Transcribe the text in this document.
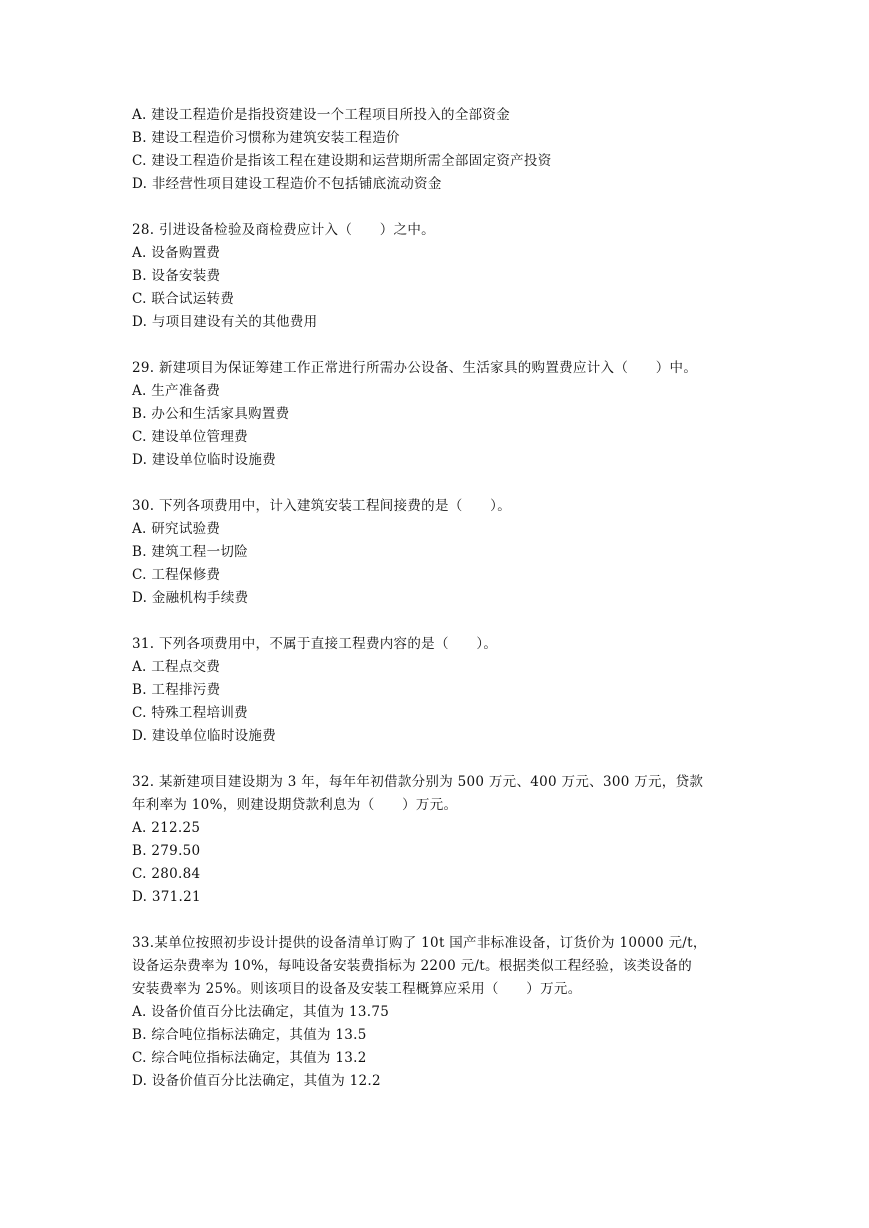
A. 建设工程造价是指投资建设一个工程项目所投入的全部资金
B. 建设工程造价习惯称为建筑安装工程造价
C. 建设工程造价是指该工程在建设期和运营期所需全部固定资产投资
D. 非经营性项目建设工程造价不包括铺底流动资金
28. 引进设备检验及商检费应计入（　　）之中。
A. 设备购置费
B. 设备安装费
C. 联合试运转费
D. 与项目建设有关的其他费用
29. 新建项目为保证筹建工作正常进行所需办公设备、生活家具的购置费应计入（　　）中。
A. 生产准备费
B. 办公和生活家具购置费
C. 建设单位管理费
D. 建设单位临时设施费
30. 下列各项费用中，计入建筑安装工程间接费的是（　　）。
A. 研究试验费
B. 建筑工程一切险
C. 工程保修费
D. 金融机构手续费
31. 下列各项费用中，不属于直接工程费内容的是（　　）。
A. 工程点交费
B. 工程排污费
C. 特殊工程培训费
D. 建设单位临时设施费
32. 某新建项目建设期为 3 年，每年年初借款分别为 500 万元、400 万元、300 万元，贷款
年利率为 10%，则建设期贷款利息为（　　）万元。
A. 212.25
B. 279.50
C. 280.84
D. 371.21
33.某单位按照初步设计提供的设备清单订购了 10t 国产非标准设备，订货价为 10000 元/t，
设备运杂费率为 10%，每吨设备安装费指标为 2200 元/t。根据类似工程经验，该类设备的
安装费率为 25%。则该项目的设备及安装工程概算应采用（　　）万元。
A. 设备价值百分比法确定，其值为 13.75
B. 综合吨位指标法确定，其值为 13.5
C. 综合吨位指标法确定，其值为 13.2
D. 设备价值百分比法确定，其值为 12.2
